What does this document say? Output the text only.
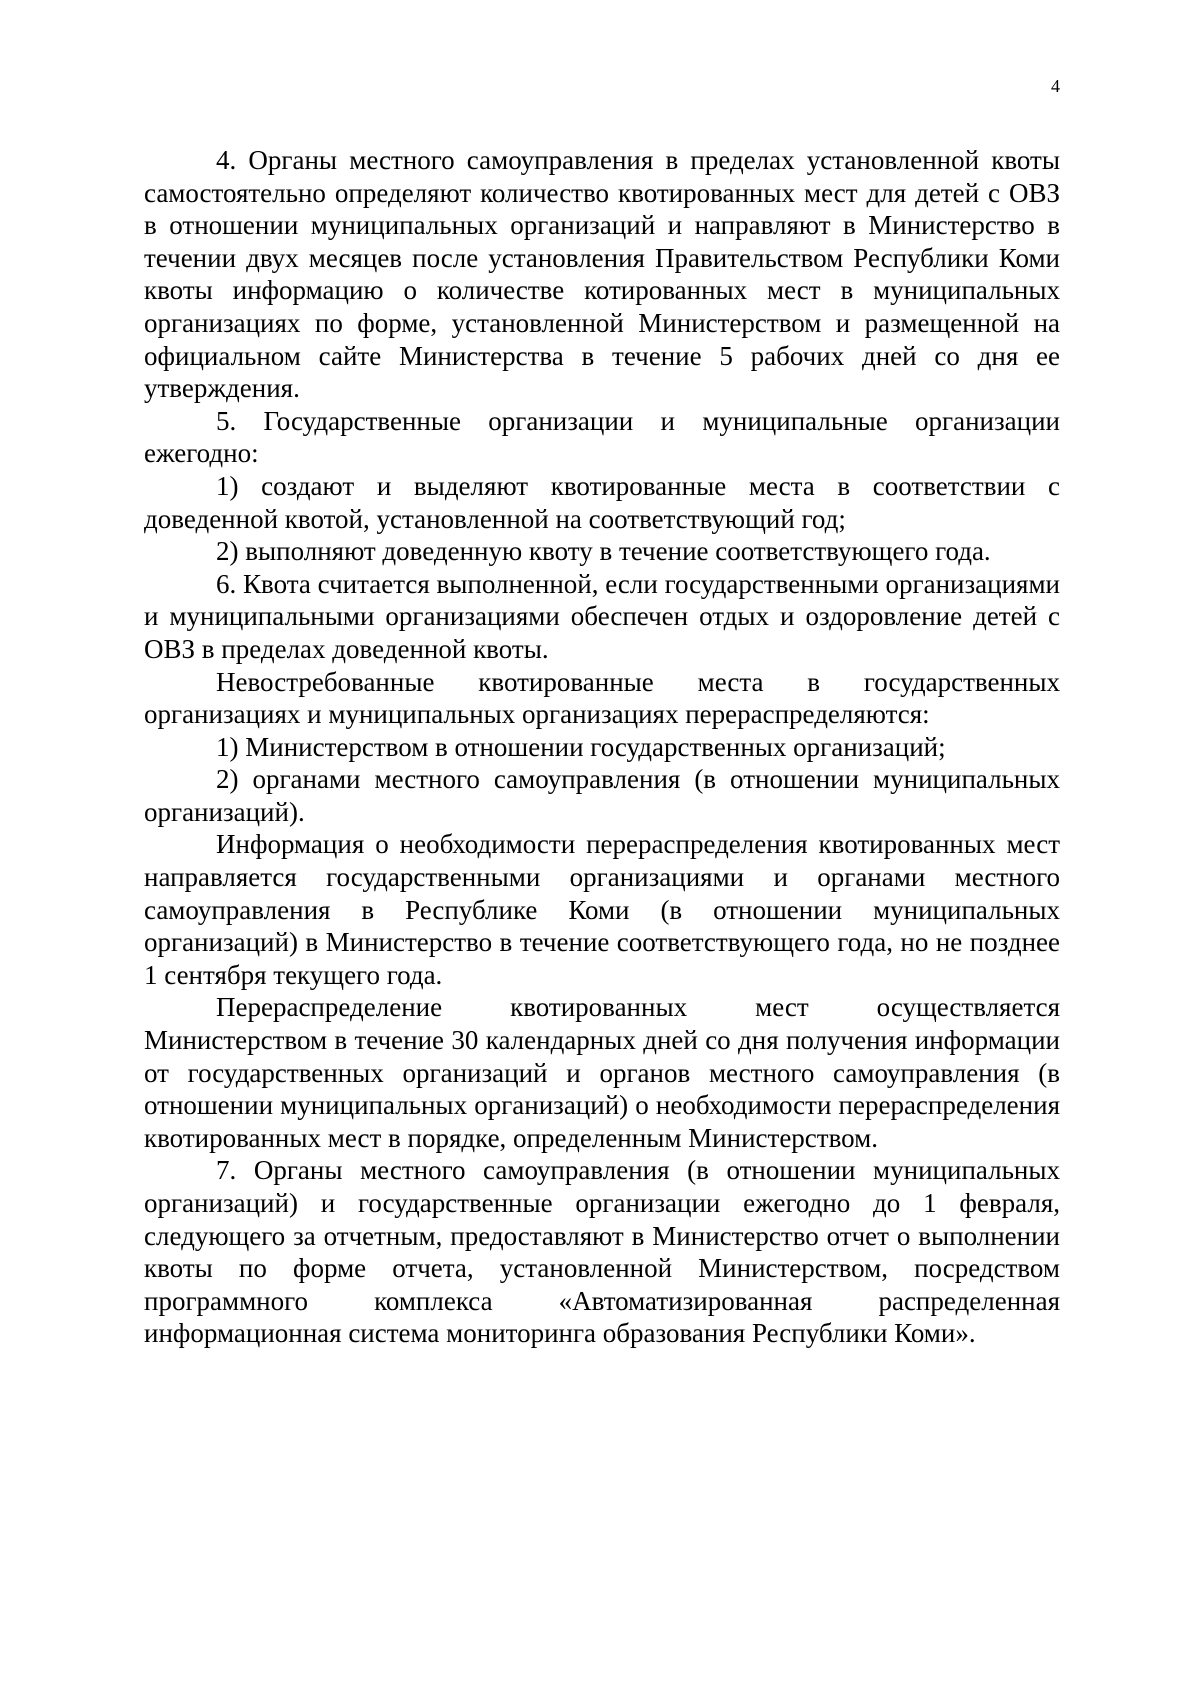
4

4. Органы местного самоуправления в пределах установленной квоты самостоятельно определяют количество квотированных мест для детей с ОВЗ в отношении муниципальных организаций и направляют в Министерство в течении двух месяцев после установления Правительством Республики Коми квоты информацию о количестве котированных мест в муниципальных организациях по форме, установленной Министерством и размещенной на официальном сайте Министерства в течение 5 рабочих дней со дня ее утверждения.

5. Государственные организации и муниципальные организации ежегодно:

1) создают и выделяют квотированные места в соответствии с доведенной квотой, установленной на соответствующий год;

2) выполняют доведенную квоту в течение соответствующего года.

6. Квота считается выполненной, если государственными организациями и муниципальными организациями обеспечен отдых и оздоровление детей с ОВЗ в пределах доведенной квоты.

Невостребованные квотированные места в государственных организациях и муниципальных организациях перераспределяются:

1) Министерством в отношении государственных организаций;

2) органами местного самоуправления (в отношении муниципальных организаций).

Информация о необходимости перераспределения квотированных мест направляется государственными организациями и органами местного самоуправления в Республике Коми (в отношении муниципальных организаций) в Министерство в течение соответствующего года, но не позднее 1 сентября текущего года.

Перераспределение квотированных мест осуществляется Министерством в течение 30 календарных дней со дня получения информации от государственных организаций и органов местного самоуправления (в отношении муниципальных организаций) о необходимости перераспределения квотированных мест в порядке, определенным Министерством.

7. Органы местного самоуправления (в отношении муниципальных организаций) и государственные организации ежегодно до 1 февраля, следующего за отчетным, предоставляют в Министерство отчет о выполнении квоты по форме отчета, установленной Министерством, посредством программного комплекса «Автоматизированная распределенная информационная система мониторинга образования Республики Коми».
